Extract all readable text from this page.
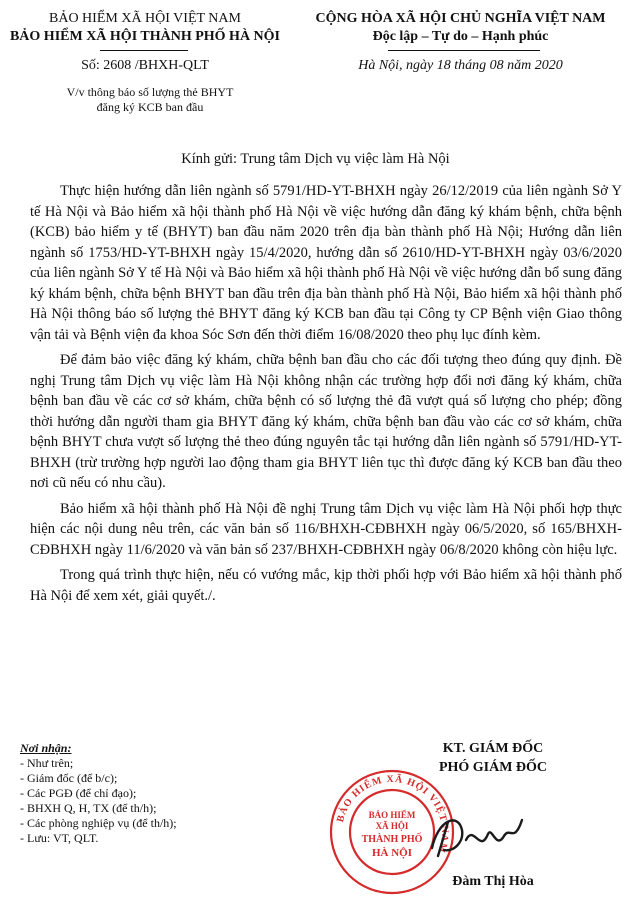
BẢO HIỂM XÃ HỘI VIỆT NAM
BẢO HIỂM XÃ HỘI THÀNH PHỐ HÀ NỘI
Số: 2608 /BHXH-QLT
V/v thông báo số lượng thẻ BHYT
đăng ký KCB ban đầu
CỘNG HÒA XÃ HỘI CHỦ NGHĨA VIỆT NAM
Độc lập – Tự do – Hạnh phúc
Hà Nội, ngày 18 tháng 08 năm 2020
Kính gửi: Trung tâm Dịch vụ việc làm Hà Nội

Thực hiện hướng dẫn liên ngành số 5791/HD-YT-BHXH ngày 26/12/2019 của liên ngành Sở Y tế Hà Nội và Bảo hiểm xã hội thành phố Hà Nội về việc hướng dẫn đăng ký khám bệnh, chữa bệnh (KCB) bảo hiểm y tế (BHYT) ban đầu năm 2020 trên địa bàn thành phố Hà Nội; Hướng dẫn liên ngành số 1753/HD-YT-BHXH ngày 15/4/2020, hướng dẫn số 2610/HD-YT-BHXH ngày 03/6/2020 của liên ngành Sở Y tế Hà Nội và Bảo hiểm xã hội thành phố Hà Nội về việc hướng dẫn bổ sung đăng ký khám bệnh, chữa bệnh BHYT ban đầu trên địa bàn thành phố Hà Nội, Bảo hiểm xã hội thành phố Hà Nội thông báo số lượng thẻ BHYT đăng ký KCB ban đầu tại Công ty CP Bệnh viện Giao thông vận tải và Bệnh viện đa khoa Sóc Sơn đến thời điểm 16/08/2020 theo phụ lục đính kèm.

Để đảm bảo việc đăng ký khám, chữa bệnh ban đầu cho các đối tượng theo đúng quy định. Đề nghị Trung tâm Dịch vụ việc làm Hà Nội không nhận các trường hợp đổi nơi đăng ký khám, chữa bệnh ban đầu về các cơ sở khám, chữa bệnh có số lượng thẻ đã vượt quá số lượng cho phép; đồng thời hướng dẫn người tham gia BHYT đăng ký khám, chữa bệnh ban đầu vào các cơ sở khám, chữa bệnh BHYT chưa vượt số lượng thẻ theo đúng nguyên tắc tại hướng dẫn liên ngành số 5791/HD-YT-BHXH (trừ trường hợp người lao động tham gia BHYT liên tục thì được đăng ký KCB ban đầu theo nơi cũ nếu có nhu cầu).

Bảo hiểm xã hội thành phố Hà Nội đề nghị Trung tâm Dịch vụ việc làm Hà Nội phối hợp thực hiện các nội dung nêu trên, các văn bản số 116/BHXH-CĐBHXH ngày 06/5/2020, số 165/BHXH-CĐBHXH ngày 11/6/2020 và văn bản số 237/BHXH-CĐBHXH ngày 06/8/2020 không còn hiệu lực.

Trong quá trình thực hiện, nếu có vướng mắc, kịp thời phối hợp với Bảo hiểm xã hội thành phố Hà Nội để xem xét, giải quyết./.

Nơi nhận:
- Như trên;
- Giám đốc (để b/c);
- Các PGĐ (để chỉ đạo);
- BHXH Q, H, TX (để th/h);
- Các phòng nghiệp vụ (để th/h);
- Lưu: VT, QLT.
KT. GIÁM ĐỐC
PHÓ GIÁM ĐỐC
BẢO HIỂM XÃ HỘI VIỆT NAM
BẢO HIỂM
XÃ HỘI
THÀNH PHỐ
HÀ NỘI
Đàm Thị Hòa
